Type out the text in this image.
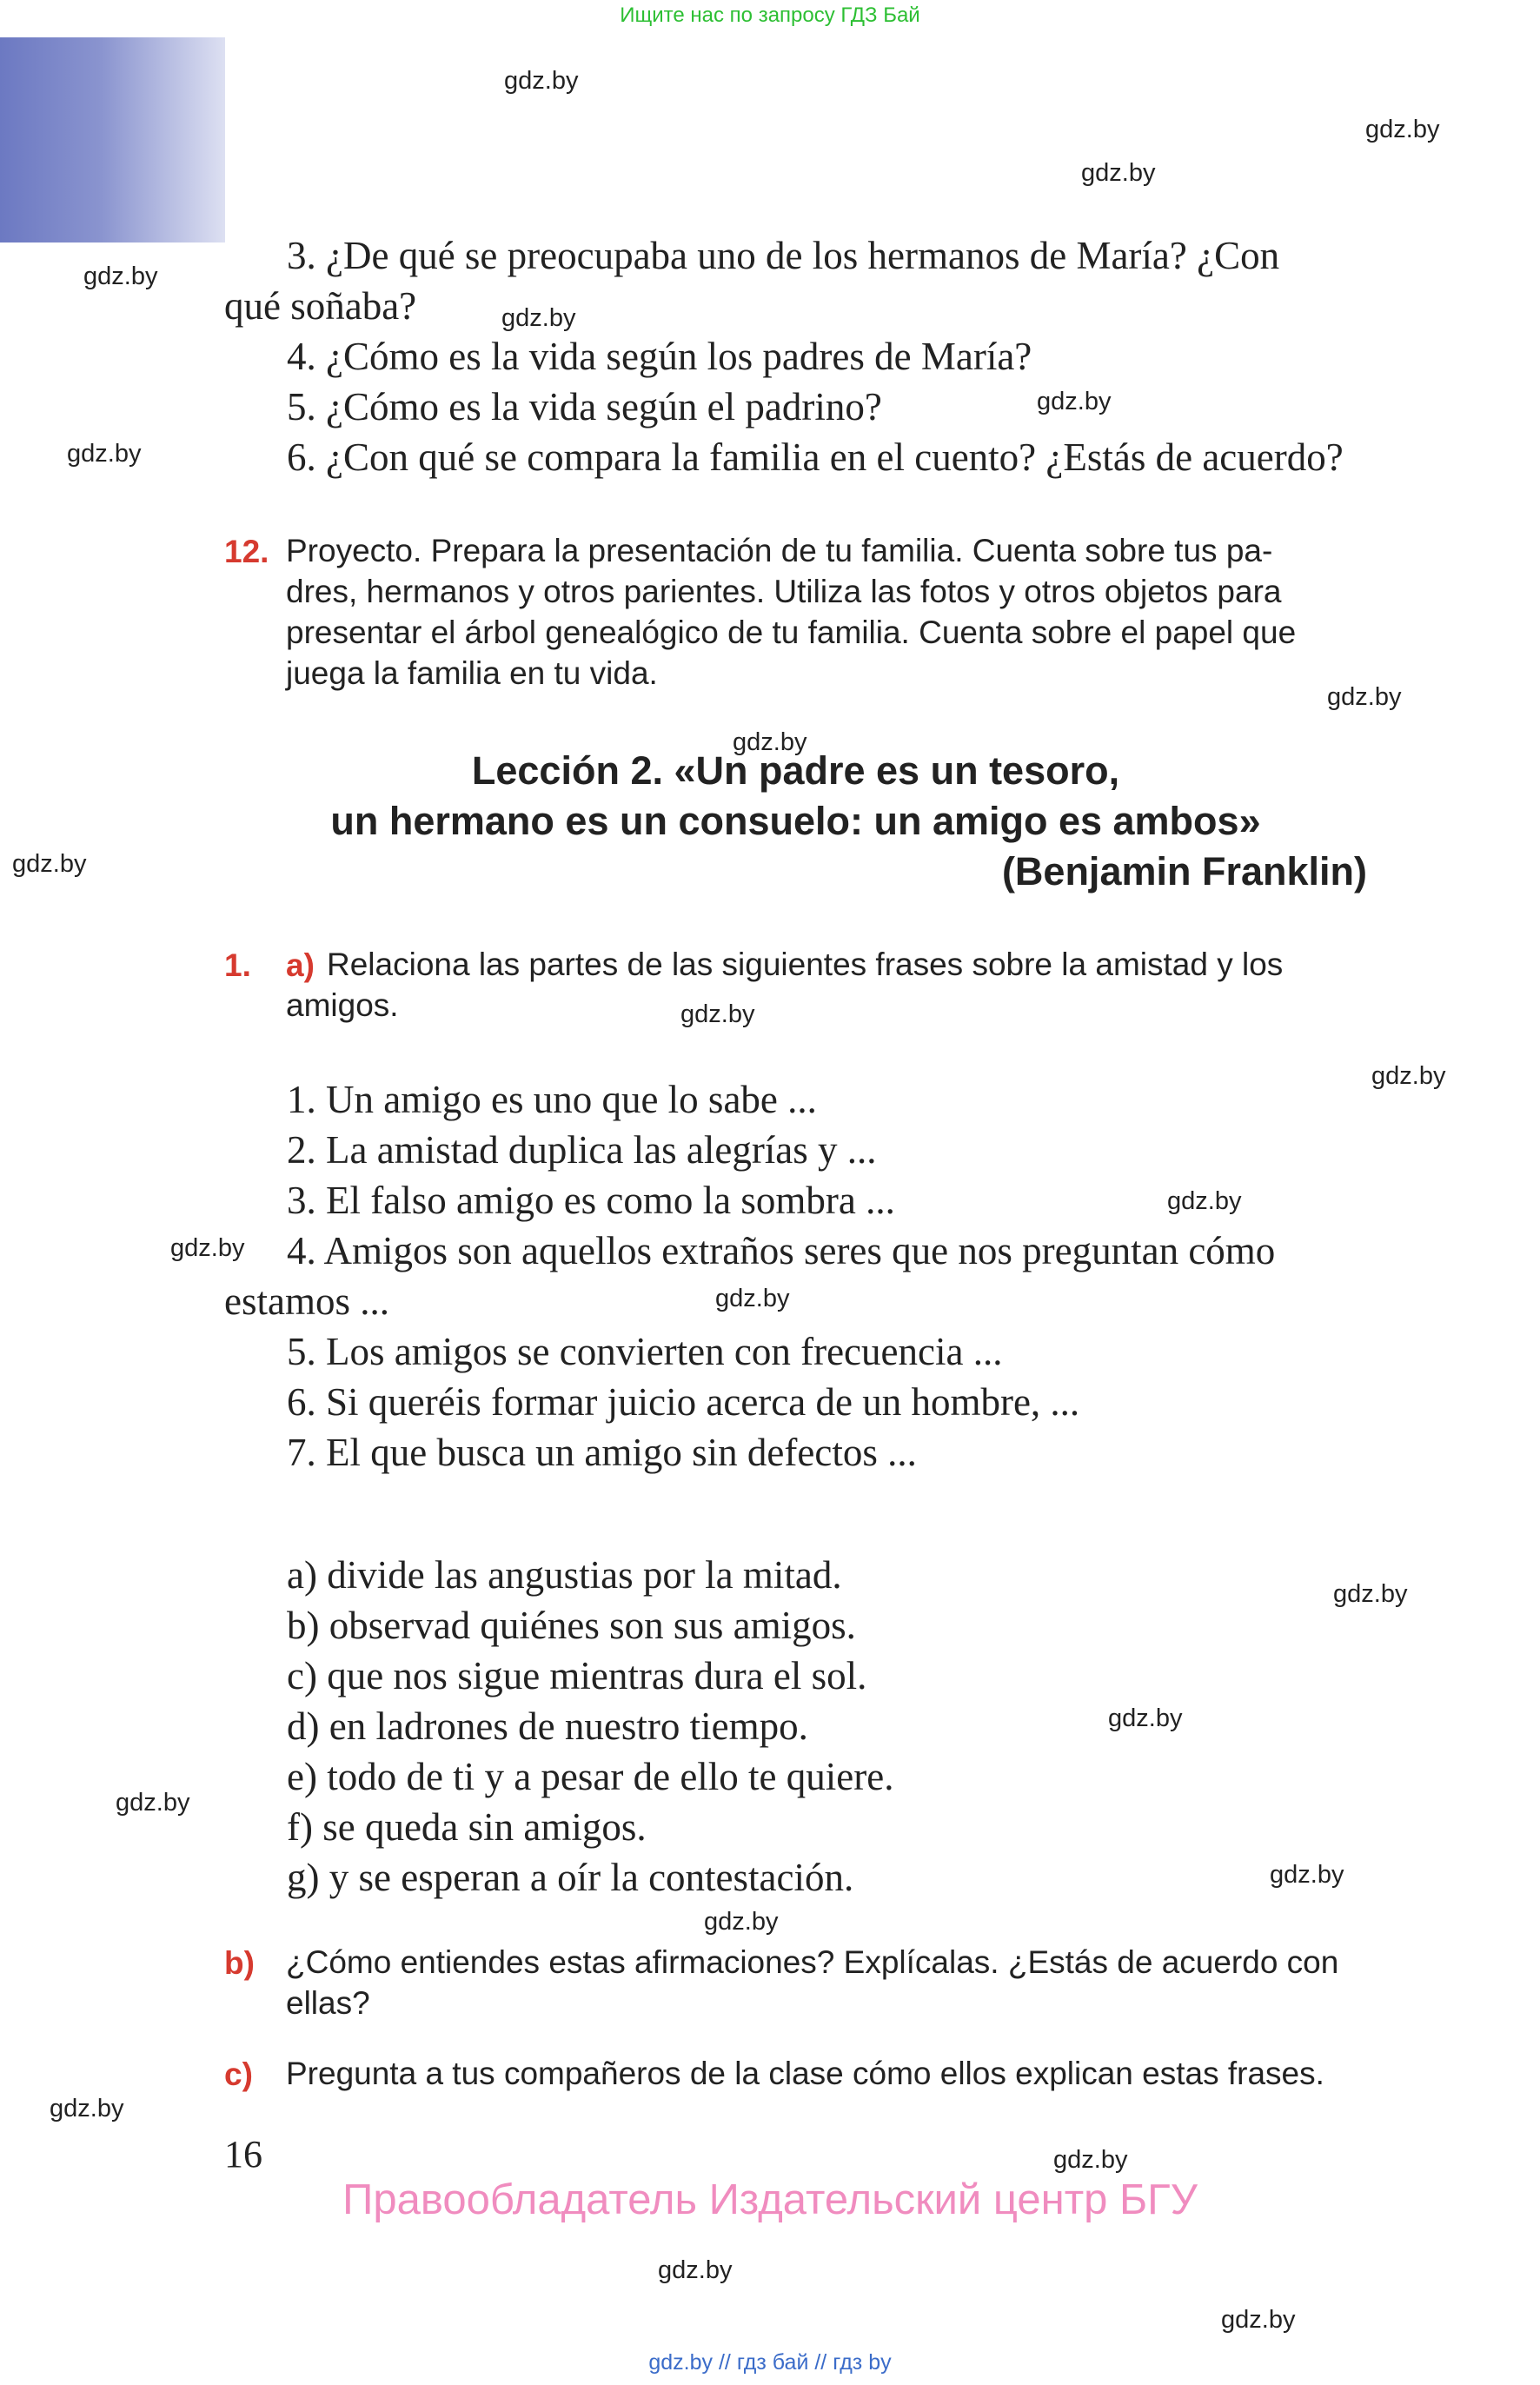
Ищите нас по запросу ГДЗ Бай
gdz.by
gdz.by
gdz.by
gdz.by
gdz.by
gdz.by
gdz.by
gdz.by
gdz.by
gdz.by
gdz.by
gdz.by
gdz.by
gdz.by
gdz.by
gdz.by
gdz.by
gdz.by
gdz.by
gdz.by
gdz.by
gdz.by
gdz.by
gdz.by
3. ¿De qué se preocupaba uno de los hermanos de María? ¿Con
qué soñaba?
4. ¿Cómo es la vida según los padres de María?
5. ¿Cómo es la vida según el padrino?
6. ¿Con qué se compara la familia en el cuento? ¿Estás de acuerdo?
12. Proyecto. Prepara la presentación de tu familia. Cuenta sobre tus pa-
dres, hermanos y otros parientes. Utiliza las fotos y otros objetos para
presentar el árbol genealógico de tu familia. Cuenta sobre el papel que
juega la familia en tu vida.
Lección 2. «Un padre es un tesoro,
un hermano es un consuelo: un amigo es ambos»
(Benjamin Franklin)
1. a) Relaciona las partes de las siguientes frases sobre la amistad y los
amigos.
1. Un amigo es uno que lo sabe ...
2. La amistad duplica las alegrías y ...
3. El falso amigo es como la sombra ...
4. Amigos son aquellos extraños seres que nos preguntan cómo
estamos ...
5. Los amigos se convierten con frecuencia ...
6. Si queréis formar juicio acerca de un hombre, ...
7. El que busca un amigo sin defectos ...
a) divide las angustias por la mitad.
b) observad quiénes son sus amigos.
c) que nos sigue mientras dura el sol.
d) en ladrones de nuestro tiempo.
e) todo de ti y a pesar de ello te quiere.
f) se queda sin amigos.
g) y se esperan a oír la contestación.
b) ¿Cómo entiendes estas afirmaciones? Explícalas. ¿Estás de acuerdo con
ellas?
c) Pregunta a tus compañeros de la clase cómo ellos explican estas frases.
16
Правообладатель Издательский центр БГУ
gdz.by // гдз бай // гдз by
